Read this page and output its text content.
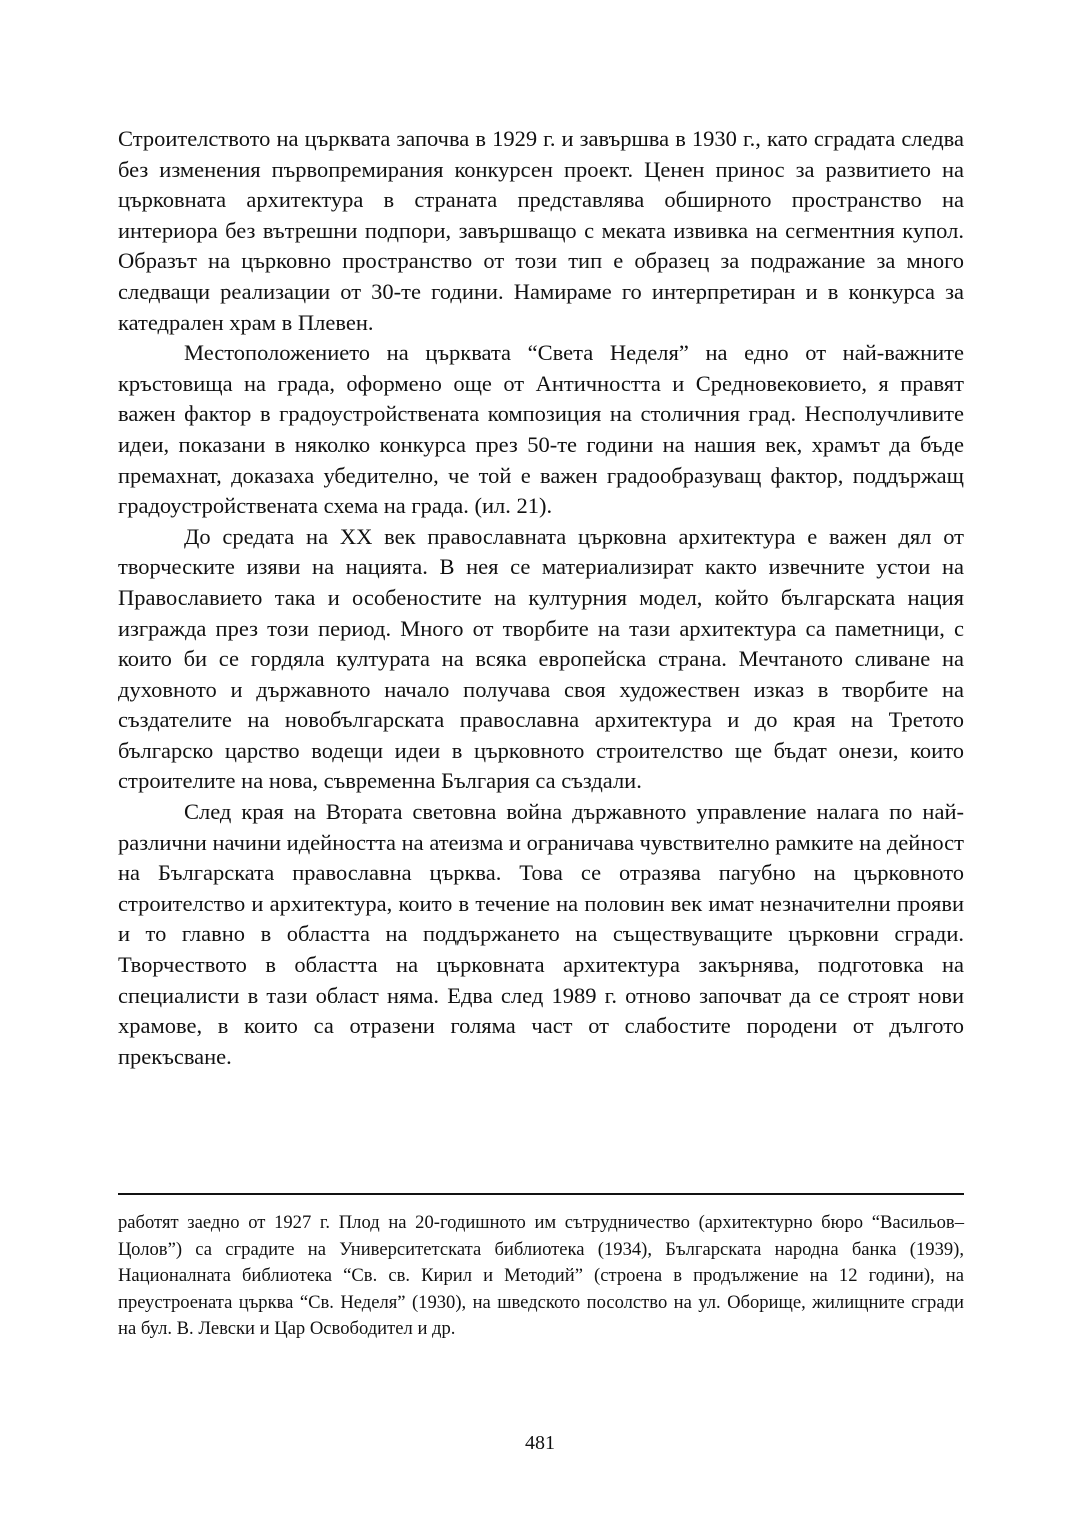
Строителството на църквата започва в 1929 г. и завършва в 1930 г., като сградата следва без изменения първопремирания конкурсен проект. Ценен принос за развитието на църковната архитектура в страната представлява обширното пространство на интериора без вътрешни подпори, завършващо с меката извивка на сегментния купол. Образът на църковно пространство от този тип е образец за подражание за много следващи реализации от 30-те години. Намираме го интерпретиран и в конкурса за катедрален храм в Плевен.

Местоположението на църквата “Света Неделя” на едно от най-важните кръстовища на града, оформено още от Античността и Средновековието, я правят важен фактор в градоустройствената композиция на столичния град. Несполучливите идеи, показани в няколко конкурса през 50-те години на нашия век, храмът да бъде премахнат, доказаха убедително, че той е важен градообразуващ фактор, поддържащ градоустройствената схема на града. (ил. 21).

До средата на ХХ век православната църковна архитектура е важен дял от творческите изяви на нацията. В нея се материализират както извечните устои на Православието така и особеностите на културния модел, който българската нация изгражда през този период. Много от творбите на тази архитектура са паметници, с които би се гордяла културата на всяка европейска страна. Мечтаното сливане на духовното и държавното начало получава своя художествен изказ в творбите на създателите на новобългарската православна архитектура и до края на Третото българско царство водещи идеи в църковното строителство ще бъдат онези, които строителите на нова, съвременна България са създали.

След края на Втората световна война държавното управление налага по най-различни начини идейността на атеизма и ограничава чувствително рамките на дейност на Българската православна църква. Това се отразява пагубно на църковното строителство и архитектура, които в течение на половин век имат незначителни прояви и то главно в областта на поддържането на съществуващите църковни сгради. Творчеството в областта на църковната архитектура закърнява, подготовка на специалисти в тази област няма. Едва след 1989 г. отново започват да се строят нови храмове, в които са отразени голяма част от слабостите породени от дългото прекъсване.

работят заедно от 1927 г. Плод на 20-годишното им сътрудничество (архитектурно бюро “Васильов–Цолов”) са сградите на Университетската библиотека (1934), Българската народна банка (1939), Националната библиотека “Св. св. Кирил и Методий” (строена в продължение на 12 години), на преустроената църква “Св. Неделя” (1930), на шведското посолство на ул. Оборище, жилищните сгради на бул. В. Левски и Цар Освободител и др.

481
